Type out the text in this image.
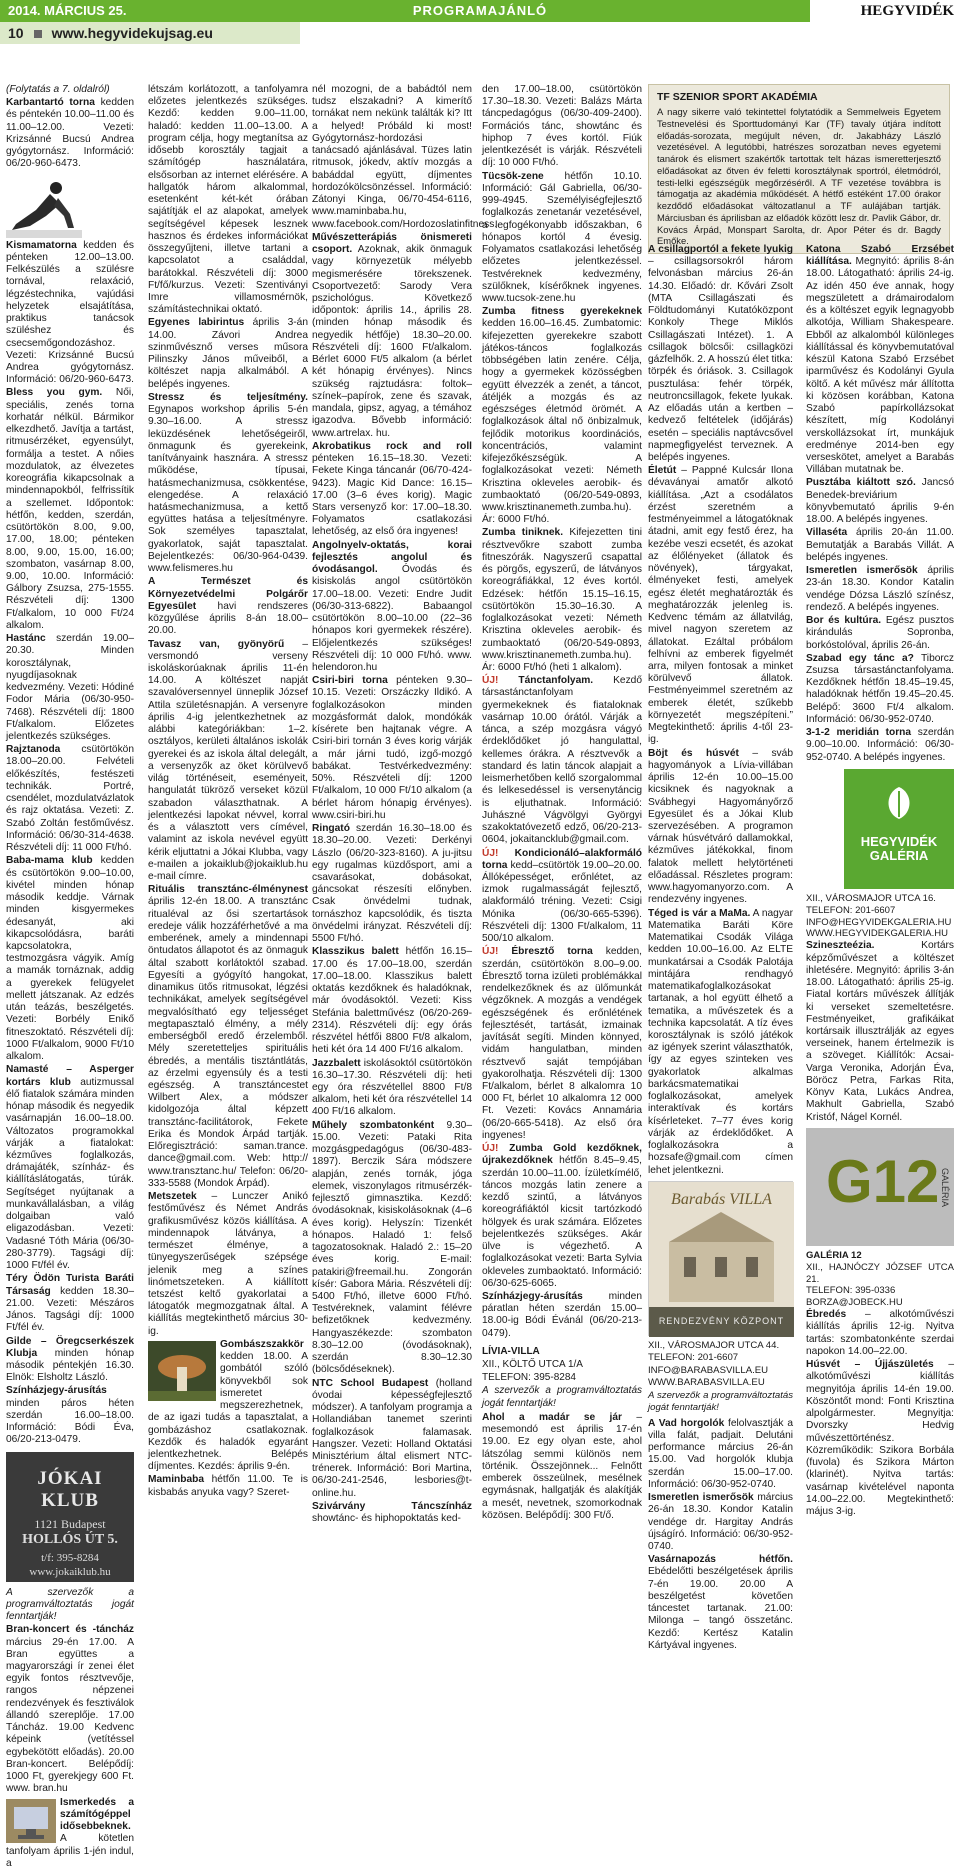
2014. MÁRCIUS 25.	PROGRAMAJÁNLÓ	HEGYVIDÉK
10 www.hegyvidekujsag.eu

(Folytatás a 7. oldalról)

Karbantartó torna kedden és péntekén 10.00–11.00 és 11.00–12.00. Vezeti: Krizsánné Bucsú Andrea gyógytornász. Információ: 06/20-960-6473.

Kismamatorna kedden és pénteken 12.00–13.00. Felkészülés a szülésre tornával, relaxáció, légzéstechnika, vajúdási helyzetek elsajátítása, praktikus tanácsok szüléshez és csecsemőgondozáshoz. Vezeti: Krizsánné Bucsú Andrea gyógytornász. Információ: 06/20-960-6473.

Bless you gym. Női, speciális, zenés torna korhatár nélkül. Bármikor elkezdhető. Javítja a tartást, ritmusérzéket, egyensúlyt, formálja a testet. A nőies mozdulatok, az élvezetes koreográfia kikapcsolnak a mindennapokból, felfrissítik a szellemet. Időpontok: hétfőn, kedden, szerdán, csütörtökön 8.00, 9.00, 17.00, 18.00; pénteken 8.00, 9.00, 15.00, 16.00; szombaton, vasárnap 8.00, 9.00, 10.00. Információ: Gálbory Zsuzsa, 275-1555. Részvételi díj: 1300 Ft/alkalom, 10 000 Ft/24 alkalom.

Hastánc szerdán 19.00–20.30. Minden korosztálynak, nyugdíjasoknak kedvezmény. Vezeti: Hódiné Fodor Mária (06/30-950-7468). Részvételi díj: 1800 Ft/alkalom. Előzetes jelentkezés szükséges.

Rajztanoda csütörtökön 18.00–20.00. Felvételi előkészítés, festészeti technikák. Portré, csendélet, mozdulatvázlatok és rajz oktatása. Vezeti: Z. Szabó Zoltán festőművész. Információ: 06/30-314-4638. Részvételi díj: 11 000 Ft/hó.

Baba-mama klub kedden és csütörtökön 9.00–10.00, kivétel minden hónap második keddje. Várnak minden kisgyermekes édesanyát, aki kikapcsolódásra, baráti kapcsolatokra, testmozgásra vágyik. Amíg a mamák tornáznak, addig a gyerekek felügyelet mellett játszanak. Az edzés után teázás, beszélgetés. Vezeti: Borbély Enikő fitneszoktató. Részvételi díj: 1000 Ft/alkalom, 9000 Ft/10 alkalom.

Namasté – Asperger kortárs klub autizmussal élő fiatalok számára minden hónap második és negyedik vasárnapján 16.00–18.00. Változatos programokkal várják a fiatalokat: kézműves foglalkozás, drámajáték, színház- és kiállításlátogatás, túrák. Segítséget nyújtanak a munkavállalásban, a világ dolgaiban való eligazodásban. Vezeti: Vadasné Tóth Mária (06/30-280-3779). Tagsági díj: 1000 Ft/fél év.

Téry Ödön Turista Baráti Társaság kedden 18.30–21.00. Vezeti: Mészáros János. Tagsági díj: 1000 Ft/fél év.

Gilde – Öregcserkészek Klubja minden hónap második péntekjén 16.30. Elnök: Elsholtz László.

Színházjegy-árusítás minden páros héten szerdán 16.00–18.00. Információ: Bódi Éva, 06/20-213-0479.

JÓKAI KLUB
1121 Budapest
HOLLÓS ÚT 5.
t/f: 395-8284
www.jokaiklub.hu

A szervezők a programváltoztatás jogát fenntartják!

Bran-koncert és -táncház március 29-én 17.00. A Bran együttes a magyarországi ír zenei élet egyik fontos résztvevője, rangos népzenei rendezvények és fesztiválok állandó szereplője. 17.00 Táncház. 19.00 Kedvenc képeink (vetítéssel egybekötött előadás). 20.00 Bran-koncert. Belépődíj: 1000 Ft, gyerekjegy 600 Ft. www. bran.hu

Ismerkedés a számítógéppel idősebbeknek. A kötetlen tanfolyam április 1-jén indul, a

létszám korlátozott, a tanfolyamra előzetes jelentkezés szükséges. Kezdő: kedden 9.00–11.00, haladó: kedden 11.00–13.00. A program célja, hogy megtanítsa az idősebb korosztály tagjait a számítógép használatára, elsősorban az internet elérésére. A hallgatók három alkalommal, esetenként két-két órában sajátítják el az alapokat, amelyek segítségével képesek lesznek hasznos és érdekes információkat összegyűjteni, illetve tartani a kapcsolatot a családdal, barátokkal. Részvételi díj: 3000 Ft/fő/kurzus. Vezeti: Szentiványi Imre villamosmérnök, számítástechnikai oktató.

Egyenes labirintus április 3-án 14.00. Závori Andrea szinművésznő verses műsora Pilinszky János műveiből, a költészet napja alkalmából. A belépés ingyenes.

Stressz és teljesítmény. Egynapos workshop április 5-én 9.30–16.00. A stressz leküzdésének lehetőségeiről, önmagunk és gyerekeink, tanítványaink hasznára. A stressz működése, típusai, hatásmechanizmusa, csökkentése, elengedése. A relaxáció hatásmechanizmusa, a kettő együttes hatása a teljesítményre. Sok személyes tapasztalat, gyakorlatok, saját tapasztalat. Bejelentkezés: 06/30-964-0439. www.felismeres.hu

A Természet és Környezetvédelmi Polgárőr Egyesület havi rendszeres közgyűlése április 8-án 18.00–20.00.

Tavasz van, gyönyörű – versmondó verseny iskoláskorúaknak április 11-én 14.00. A költészet napját szavalóversennyel ünneplik József Attila születésnapján. A versenyre április 4-ig jelentkezhetnek az alábbi kategóriákban: 1–2. osztályos, kerületi általános iskolák gyerekei és az iskola által delegált, a versenyzők az öket körülvevő világ történéseit, eseményeit, hangulatát tükröző verseket közül szabadon választhatnak. A jelentkezési lapokat névvel, korral és a választott vers címével, valamint az iskola nevével együtt kérik eljuttatni a Jókai Klubba, vagy e-mailen a jokaiklub@jokaiklub.hu e-mail címre.

Rituális transztánc-élménynest április 12-én 18.00. A transztánc ritualéval az ősi szertartások eredeje válik hozzáférhetővé a ma emberének, amely a mindennapi öntudatos állapotot és az önmaguk által szabott korlátoktól szabad. Egyesíti a gyógyító hangokat, dinamikus ütős ritmusokat, légzési technikákat, amelyek segítségével megvalósítható egy teljességet megtapasztaló élmény, a mély emberségből eredő érzelemből. Mély szeretetteljes spirituális ébredés, a mentális tisztántlátás, az érzelmi egyensúly és a testi egészség. A transztáncestet Wilbert Alex, a módszer kidolgozója által képzett transztánc-facilitátorok, Fekete Erika és Mondok Árpád tartják. Előregisztráció: saman.trance. dance@gmail.com. Web: http:// www.transztanc.hu/ Telefon: 06/20-333-5588 (Mondok Árpád).

Metszetek – Lunczer Anikó festőművész és Német András grafikusművész közös kiállítása. A mindennapok látványa, a természet élménye, a tünyegyszerűségek szépsége jelenik meg a színes linómetszeteken. A kiállított tetszést keltő gyakorlatai a látogatók megmozgatnak által. A kiállítás megtekinthető március 30-ig.

Gombászszakkör kedden 18.00. A gombától szóló könyvekből sok ismeretet megszerezhetnek, de az igazi tudás a tapasztalat, a gombázáshoz csatlakoznak. Kezdők és haladók egyaránt jelentkezhetnek. Belépés díjmentes. Kezdés: április 9-én.

Maminbaba hétfőn 11.00. Te is kisbabás anyuka vagy? Szeret-

nél mozogni, de a babádtól nem tudsz elszakadni? A kimerítő tornákat nem nekünk találták ki? Itt a helyed! Próbáld ki most! Gyógytornász-hordozási tanácsadó ajánlásával. Tüzes latin ritmusok, jókedv, aktív mozgás a babáddal együtt, díjmentes hordozókölcsönzéssel. Információ: Zátonyi Kinga, 06/70-454-6116, www.maminbaba.hu, www.facebook.com/Hordozoslatinfitness.

Művészetterápiás önismereti csoport. Azoknak, akik önmaguk vagy környezetük mélyebb megismerésére törekszenek. Csoportvezető: Sarody Vera pszichológus. Következő időpontok: április 14., április 28. (minden hónap második és negyedik hétfője) 18.30–20.00. Részvételi díj: 1600 Ft/alkalom. Bérlet 6000 Ft/5 alkalom (a bérlet két hónapig érvényes). Nincs szükség rajztudásra: foltok–színek–papírok, zene és szavak, mandala, gipsz, agyag, a témához igazodva. Bővebb információ: www.artrelax. hu.

Akrobatikus rock and roll pénteken 16.15–18.30. Vezeti: Fekete Kinga táncanár (06/70-424-9423). Magic Kid Dance: 16.15–17.00 (3–6 éves korig). Magic Stars versenyző kor: 17.00–18.30. Folyamatos csatlakozási lehetőség, az első óra ingyenes!

Angolnyelv-oktatás, korai fejlesztés angolul és óvodásangol. Óvodás és kisiskolás angol csütörtökön 17.00–18.00. Vezeti: Endre Judit (06/30-313-6822). Babaangol csütörtökön 8.00–10.00 (22–36 hónapos kori gyermekek részére). Előjelentkezés szükséges! Részvételi díj: 10 000 Ft/hó. www. helendoron.hu

Csiri-biri torna pénteken 9.30–10.15. Vezeti: Orszáczky Ildikó. A foglalkozásokon minden mozgásformát dalok, mondókák kísérete ben hajtanak végre. A Csiri-biri tornán 3 éves korig várják a már járni tudó, izgő-mozgó babákat. Testvérkedvezmény: 50%. Részvételi díj: 1200 Ft/alkalom, 10 000 Ft/10 alkalom (a bérlet három hónapig érvényes). www.csiri-biri.hu

Ringató szerdán 16.30–18.00 és 18.30–20.00. Vezeti: Derkényi Lászlo (06/20-323-8160). A ju-jitsu egy rugalmas küzdősport, ami a csavarásokat, dobásokat, gáncsokat részesíti előnyben. Csak önvédelmi tudnak, tornászhoz kapcsolódik, és tiszta önvédelmi irányzat. Részvételi díj: 5500 Ft/hó.

Klasszikus balett hétfőn 16.15–17.00 és 17.00–18.00, szerdán 17.00–18.00. Klasszikus balett oktatás kezdőknek és haladóknak, már óvodásoktól. Vezeti: Kiss Stefánia balettművész (06/20-269-2314). Részvételi díj: egy órás részvétel hétfői 8800 Ft/8 alkalom, heti két óra 14 400 Ft/16 alkalom.

Jazzbalett iskolásoktól csütörtökön 16.30–17.30. Részvételi díj: heti egy óra részvétellel 8800 Ft/8 alkalom, heti két óra részvétellel 14 400 Ft/16 alkalom.

Műhely szombatonként 9.30–15.00. Vezeti: Pataki Rita mozgásgpedagógus (06/30-483-1897). Berczik Sára módszere alapján, zenés tornák, jóga elemek, viszonylagos ritmusérzék-fejlesztő gimnasztika. Kezdő: óvodásoknak, kisiskolásoknak (4–6 éves korig). Helyszín: Tizenkét hónapos. Haladó 1: felső tagozatosoknak. Haladó 2.: 15–20 éves korig. E-mail: patakiri@freemail.hu. Zongorán kísér: Gabora Mária. Részvételi díj: 5400 Ft/hó, illetve 6000 Ft/hó. Testvéreknek, valamint félévre befizetőknek kedvezmény. Hangyaszékezde: szombaton 8.30–12.00 (óvodásoknak), szerdán 8.30–12.30 (bölcsődéseknek).

NTC School Budapest (holland óvodai képességfejlesztő módszer). A tanfolyam programja a Hollandiában tanemet szerinti foglalkozások falamasak. Hangszer. Vezeti: Holland Oktatási Minisztérium által elismert NTC-trénerek. Információ: Bori Martina, 06/30-241-2546, lesbories@t-online.hu.

Szivárvány Táncszínház showtánc- és hiphopoktatás ked-

den 17.00–18.00, csütörtökön 17.30–18.30. Vezeti: Balázs Márta táncpedagógus (06/30-409-2400). Formációs tánc, showtánc és hiphop 7 éves kortól. Fiúk jelentkezését is várják. Részvételi díj: 10 000 Ft/hó.

Tücsök-zene hétfőn 10.10. Információ: Gál Gabriella, 06/30-999-4945. Személyiségfejlesztő foglalkozás zenetanár vezetésével, a legfogékonyabb időszakban, 6 hónapos kortól 4 évesig. Folyamatos csatlakozási lehetőség előzetes jelentkezéssel. Testvéreknek kedvezmény, szülőknek, kísérőknek ingyenes. www.tucsok-zene.hu

Zumba fitness gyerekeknek kedden 16.00–16.45. Zumbatomic: kifejezetten gyerekekre szabott játékos-táncos foglalkozás többségében latin zenére. Célja, hogy a gyermekek közösségben együtt élvezzék a zenét, a táncot, átéljék a mozgás és az egészséges életmód örömét. A foglalkozások által nő önbizalmuk, fejlődik motorikus koordinációs, koncentrációs, valamint kifejezőkészségük. A foglalkozásokat vezeti: Németh Krisztina okleveles aerobik- és zumbaoktató (06/20-549-0893, www.krisztinanemeth.zumba.hu). Ár: 6000 Ft/hó.

Zumba tiniknek. Kifejezetten tini résztvevőkre szabott zumba fitneszórák. Nagyszerű csapattal és pörgős, egyszerű, de látványos koreográfiákkal, 12 éves kortól. Edzések: hétfőn 15.15–16.15, csütörtökön 15.30–16.30. A foglalkozásokat vezeti: Németh Krisztina okleveles aerobik- és zumbaoktató (06/20-549-0893, www.krisztinanemeth.zumba.hu). Ár: 6000 Ft/hó (heti 1 alkalom).

ÚJ! Tánctanfolyam. Kezdő társastánctanfolyam gyermekeknek és fiataloknak vasárnap 10.00 órától. Várják a tánca, a szép mozgásra vágyó érdeklődőket jó hangulattal, kellemes órákra. A résztvevők a standard és latin táncok alapjait a leismerhetőben kellő szorgalommal és lelkesedéssel is versenytáncig is eljuthatnak. Információ: Juhászné Vágvölgyi Györgyi szakoktatóvezető edző, 06/20-213-0604, jokaitancklub@gmail.com.

ÚJ! Kondicionáló–alakformáló torna kedd–csütörtök 19.00–20.00. Állóképességet, erőnlétet, az izmok rugalmasságát fejlesztő, alakformáló tréning. Vezeti: Csigi Mónika (06/30-665-5396). Részvételi díj: 1300 Ft/alkalom, 11 500/10 alkalom.

ÚJ! Ébresztő torna kedden, szerdán, csütörtökön 8.00–9.00. Ébresztő torna izületi problémákkal rendelkezőknek és az ülőmunkát végzőknek. A mozgás a vendégek egészségének és erőnlétének fejlesztését, tartását, izmainak javítását segíti. Minden könnyed, vidám hangulatban, minden résztvevő saját tempójában gyakorolhatja. Részvételi díj: 1300 Ft/alkalom, bérlet 8 alkalomra 10 000 Ft, bérlet 10 alkalomra 12 000 Ft. Vezeti: Kovács Annamária (06/20-665-5418). Az első óra ingyenes!

ÚJ! Zumba Gold kezdőknek, újrakezdőknek hétfőn 8.45–9.45, szerdán 10.00–11.00. Ízületkímélő, táncos mozgás latin zenere a kezdő szintű, a látványos koreográfiáktól kicsit tartózkodó hölgyek és urak számára. Előzetes bejelentkezés szükséges. Akár ülve is végezhető. A foglalkozásokat vezeti: Barta Sylvia okleveles zumbaoktató. Információ: 06/30-625-6065.

Színházjegy-árusítás minden páratlan héten szerdán 15.00–18.00-ig Bódi Évánál (06/20-213-0479).

LÍVIA-VILLA
XII., KÖLTŐ UTCA 1/A
TELEFON: 395-8284
A szervezők a programváltoztatás jogát fenntartják!

Ahol a madár se jár – mesemondó est április 17-én 19.00. Ez egy olyan este, ahol látszólag semmi különös nem történik. Összejönnek... Felnőtt emberek összeülnek, mesélnek egymásnak, hallgatják és alakítják a mesét, nevetnek, szomorkodnak közösen. Belépődíj: 300 Ft/ő.

TF SZENIOR SPORT AKADÉMIA
A nagy sikerre való tekintettel folytatódik a Semmelweis Egyetem Testnevelési és Sporttudományi Kar (TF) tavaly útjára indított előadás-sorozata, megújult néven, dr. Jakabházy László vezetésével. A legutóbbi, hatrészes sorozatban neves egyetemi tanárok és elismert szakértők tartottak telt házas ismeretterjesztő előadásokat az őtven év feletti korosztálynak sportról, életmódról, testi-lelki egészségük megőrzéséről. A TF vezetése továbbra is támogatja az akadémia működését. A hétfő estéként 17.00 órakor kezdődő előadásokat változatlanul a TF aulájában tartják. Márciusban és áprilisban az előadók között lesz dr. Pavlik Gábor, dr. Kovács Árpád, Monspart Sarolta, dr. Apor Péter és dr. Bagdy Emőke.

A csillagportól a fekete lyukig – csillagsorsokról három felvonásban március 26-án 14.30. Előadó: dr. Kővári Zsolt (MTA Csillagászati és Földtudományi Kutatóközpont Konkoly Thege Miklós Csillagászati Intézet). 1. A csillagok bölcsői: csillagközi gázfelhők. 2. A hosszú élet titka: törpék és óriások. 3. Csillagok pusztulása: fehér törpék, neutroncsillagok, fekete lyukak. Az előadás után a kertben – kedvező feltételek (időjárás) esetén – speciális naptávcsővel napmegfigyelést terveznek. A belépés ingyenes.

Életút – Pappné Kulcsár Ilona dévaványai amatőr alkotó kiállítása. „Azt a csodálatos érzést szeretném a festményeimmel a látogatóknak átadni, amit egy festő érez, ha kezébe veszi ecsetét, és azokat az élőlényeket (állatok és növények), tárgyakat, élményeket festi, amelyek egész életét meghatározták és meghatározzák jelenleg is. Kedvenc témám az állatvilág, mivel nagyon szeretem az állatokat. Ezáltal próbálom felhívni az emberek figyelmét arra, milyen fontosak a minket körülvevő állatok. Festményeimmel szeretném az emberek életét, szűkebb környezetét megszépíteni.” Megtekinthető: április 4-től 23-ig.

Böjt és húsvét – sváb hagyományok a Lívia-villában április 12-én 10.00–15.00 kicsiknek és nagyoknak a Svábhegyi Hagyományőrző Egyesület és a Jókai Klub szervezésében. A programon várnak húsvétváró dallamokkal, kézműves játékokkal, finom falatok mellett helytörténeti előadással. Részletes program: www.hagyomanyorzo.com. A rendezvény ingyenes.

Téged is vár a MaMa. A nagyar Matematika Baráti Köre Matematikai Csodák Világa kedden 10.00–16.00. Az ELTE munkatársai a Csodák Palotája mintájára rendhagyó matematikafoglalkozásokat tartanak, a hol együtt élhető a tematika, a művészetek és a technika kapcsolatát. A tíz éves korosztálynak is szóló játékok az igények szerint választhatók, így az egyes szinteken ves gyakorlatok alkalmas barkácsmatematikai foglalkozásokat, amelyek interaktívak és kortárs kísérleteket. 7–77 éves korig várják az érdeklődőket. A foglalkozásokra a hozsafe@gmail.com címen lehet jelentkezni.

Barabás VILLA
RENDEZVÉNY KÖZPONT
XII., VÁROSMAJOR UTCA 44.
TELEFON: 201-6607
INFO@BARABASVILLA.EU
WWW.BARABASVILLA.EU
A szervezők a programváltoztatás jogát fenntartják!

A Vad horgolók felolvasztják a villa falát, padjait. Delutáni performance március 26-án 15.00. Vad horgolók klubja szerdán 15.00–17.00. Információ: 06/30-952-0740.

Ismeretlen ismerősök március 26-án 18.30. Kondor Katalin vendége dr. Hargitay András újságíró. Információ: 06/30-952-0740.

Vasárnapozás hétfőn. Ebédelőtti beszélgetések április 7-én 19.00. 20.00 A beszélgetést követően táncestet tartanak. 21.00: Milonga – tangó összetánc. Kezdő: Kertész Katalin Kártyával ingyenes.

Katona Szabó Erzsébet kiállítása. Megnyitó: április 8-án 18.00. Látogatható: április 24-ig. Az idén 450 éve annak, hogy megszületett a drámairodalom és a költészet egyik legnagyobb alkotója, William Shakespeare. Ebből az alkalomból különleges kiállítással és könyvbemutatóval készül Katona Szabó Erzsébet iparművész és Kodolányi Gyula költő. A két művész már állította ki közösen korábban, Katona Szabó papírkollázsokat készített, míg Kodolányi verskollázsokat írt, munkájuk eredménye 2014-ben egy verseskötet, amelyet a Barabás Villában mutatnak be.

Pusztába kiáltott szó. Jancsó Benedek-breviárium könyvbemutató április 9-én 18.00. A belépés ingyenes.

Villaséta április 20-án 11.00. Bemutatják a Barabás Villát. A belépés ingyenes.

Ismeretlen ismerősök április 23-án 18.30. Kondor Katalin vendége Dózsa László színész, rendező. A belépés ingyenes.

Bor és kultúra. Egész pusztos kirándulás Sopronba, borkóstolóval, április 26-án.

Szabad egy tánc a? Tiborcz Zsuzsa társastánctanfolyama. Kezdőknek hétfőn 18.45–19.45, haladóknak hétfőn 19.45–20.45. Belépő: 3600 Ft/4 alkalom. Információ: 06/30-952-0740.

3-1-2 meridián torna szerdán 9.00–10.00. Információ: 06/30-952-0740. A belépés ingyenes.

HEGYVIDÉK GALÉRIA
XII., VÁROSMAJOR UTCA 16.
TELEFON: 201-6607
INFO@HEGYVIDEKGALERIA.HU
WWW.HEGYVIDEKGALERIA.HU

Szineszteézia. Kortárs képzőművészet a költészet ihletésére. Megnyitó: április 3-án 18.00. Látogatható: április 25-ig. Fiatal kortárs művészek állítják ki verseket szemeltetésre. Festményeiket, grafikáikat kortársaik illusztrálják az egyes verseinek, hanem értelmezik is a szöveget. Kiállítók: Acsai-Varga Veronika, Adorján Éva, Böröcz Petra, Farkas Rita, Könyv Kata, Lukács Andrea, Makhult Gabriella, Szabó Kristóf, Nágel Kornél.

G12 GALÉRIA
GALÉRIA 12
XII., HAJNÓCZY JÓZSEF UTCA 21.
TELEFON: 395-0336
BORZA@JOBECK.HU

Ébredés – alkotóművészi kiállítás április 12-ig. Nyitva tartás: szombatonkénte szerdai napokon 14.00–22.00.

Húsvét – Újjászületés – alkotóművészi kiállítás megnyitója április 14-én 19.00. Köszöntőt mond: Fonti Krisztina alpolgármester. Megnyitja: Dvorszky Hedvig művészettörténész. Közreműködik: Szikora Borbála (fuvola) és Szikora Márton (klarinét). Nyitva tartás: vasárnap kivételével naponta 14.00–22.00. Megtekinthető: május 3-ig.
